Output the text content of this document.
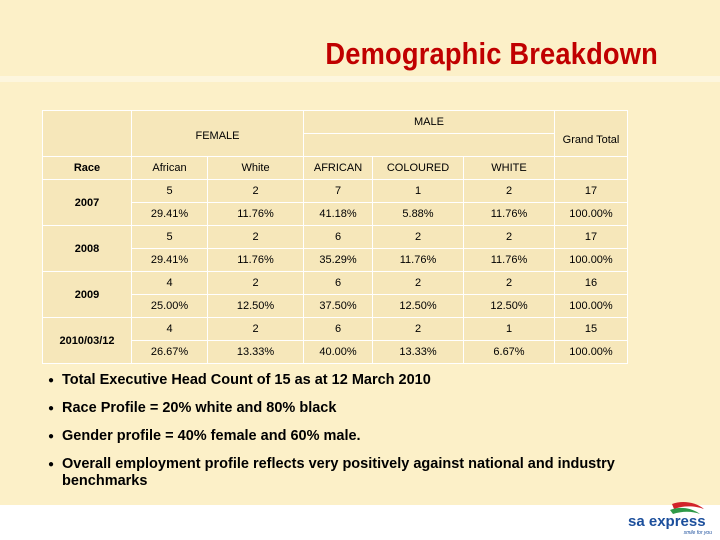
Demographic Breakdown

	FEMALE		MALE			Grand Total

Race	African	White	AFRICAN	COLOURED	WHITE	
2007	5	2	7	1	2	17
	29.41%	11.76%	41.18%	5.88%	11.76%	100.00%
2008	5	2	6	2	2	17
	29.41%	11.76%	35.29%	11.76%	11.76%	100.00%
2009	4	2	6	2	2	16
	25.00%	12.50%	37.50%	12.50%	12.50%	100.00%
2010/03/12	4	2	6	2	1	15
	26.67%	13.33%	40.00%	13.33%	6.67%	100.00%
● Total Executive Head Count of 15 as at 12 March 2010
● Race Profile = 20% white and 80% black
● Gender profile = 40% female and 60% male.
● Overall employment profile reflects very positively against national and industry benchmarks
sa express
smile for you
